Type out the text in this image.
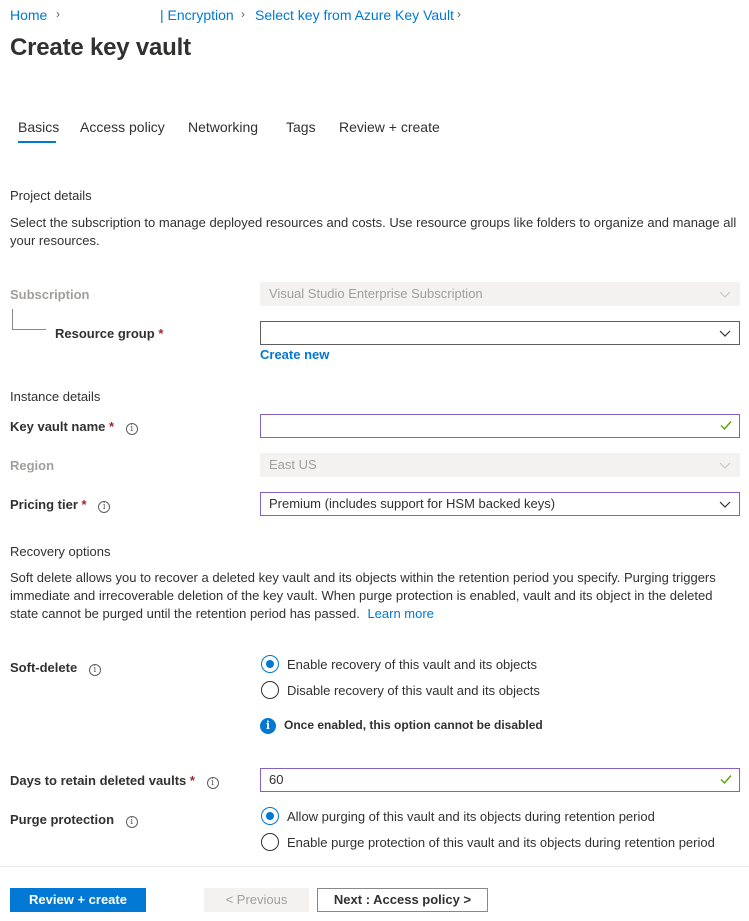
Home ›	| Encryption › Select key from Azure Key Vault ›
Create key vault
Basics Access policy Networking Tags Review + create
Project details

Select the subscription to manage deployed resources and costs. Use resource groups like folders to organize and manage all your resources.

Subscription	Visual Studio Enterprise Subscription
Resource group *
Create new
Instance details
Key vault name * i
Region	East US
Pricing tier * i	Premium (includes support for HSM backed keys)
Recovery options

Soft delete allows you to recover a deleted key vault and its objects within the retention period you specify. Purging triggers immediate and irrecoverable deletion of the key vault. When purge protection is enabled, vault and its object in the deleted state cannot be purged until the retention period has passed. Learn more

Soft-delete i	Enable recovery of this vault and its objects
Disable recovery of this vault and its objects
i	Once enabled, this option cannot be disabled
Days to retain deleted vaults * i	60
Purge protection i	Allow purging of this vault and its objects during retention period
Enable purge protection of this vault and its objects during retention period
Review + create	< Previous	Next : Access policy >
